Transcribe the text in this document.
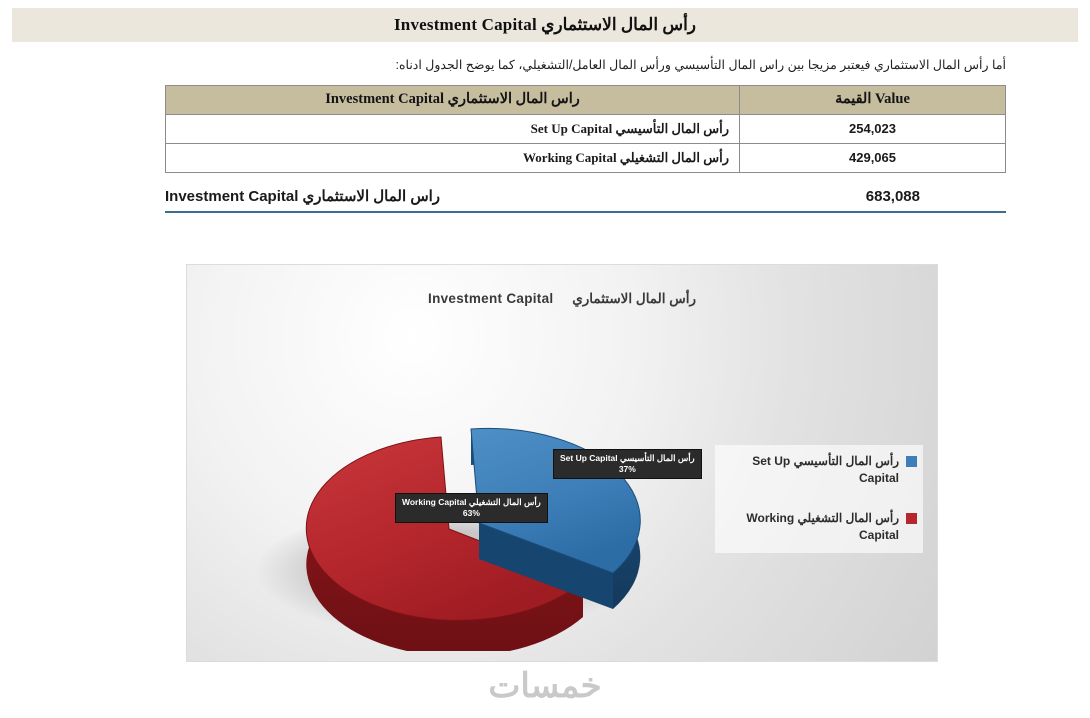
رأس المال الاستثماري Investment Capital
أما رأس المال الاستثماري فيعتبر مزيجا بين راس المال التأسيسي ورأس المال العامل/التشغيلي، كما يوضح الجدول ادناه:
راس المال الاستثماري Investment Capital	القيمة Value
رأس المال التأسيسي Set Up Capital	254,023
رأس المال التشغيلي Working Capital	429,065
راس المال الاستثماري Investment Capital	683,088
رأس المال الاستثماري     Investment Capital
Set Up Capital رأس المال التأسيسي
37%
Working Capital رأس المال التشغيلي
63%
رأس المال التأسيسي Set Up Capital
رأس المال التشغيلي Working Capital
خمسات
